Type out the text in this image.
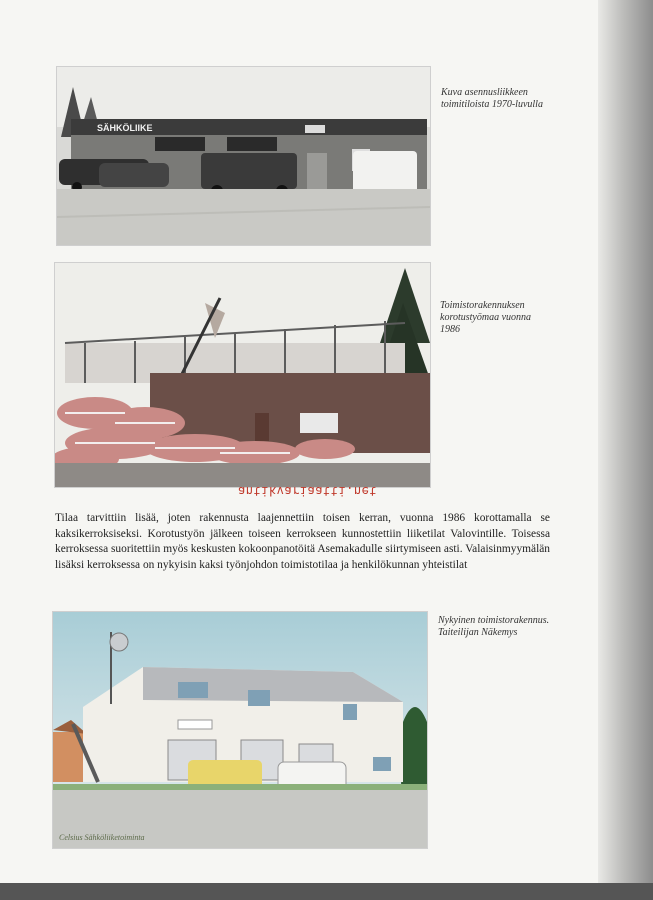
SÄHKÖLIIKE
Kuva asennusliikkeen toimitiloista 1970-luvulla
Toimistorakennuksen korotustyömaa vuonna 1986
antikvariaatti.net
Tilaa tarvittiin lisää, joten rakennusta laajennettiin toisen kerran, vuonna 1986 korottamalla se kaksikerroksiseksi. Korotustyön jälkeen toiseen kerrokseen kunnostettiin liiketilat Valovintille. Toisessa kerroksessa suoritettiin myös keskusten kokoonpanotöitä Asemakadulle siirtymiseen asti. Valaisinmyymälän lisäksi kerroksessa on nykyisin kaksi työnjohdon toimistotilaa ja henkilökunnan yhteistilat
Celsius Sähköliiketoiminta
Nykyinen toimistorakennus. Taiteilijan Näkemys
